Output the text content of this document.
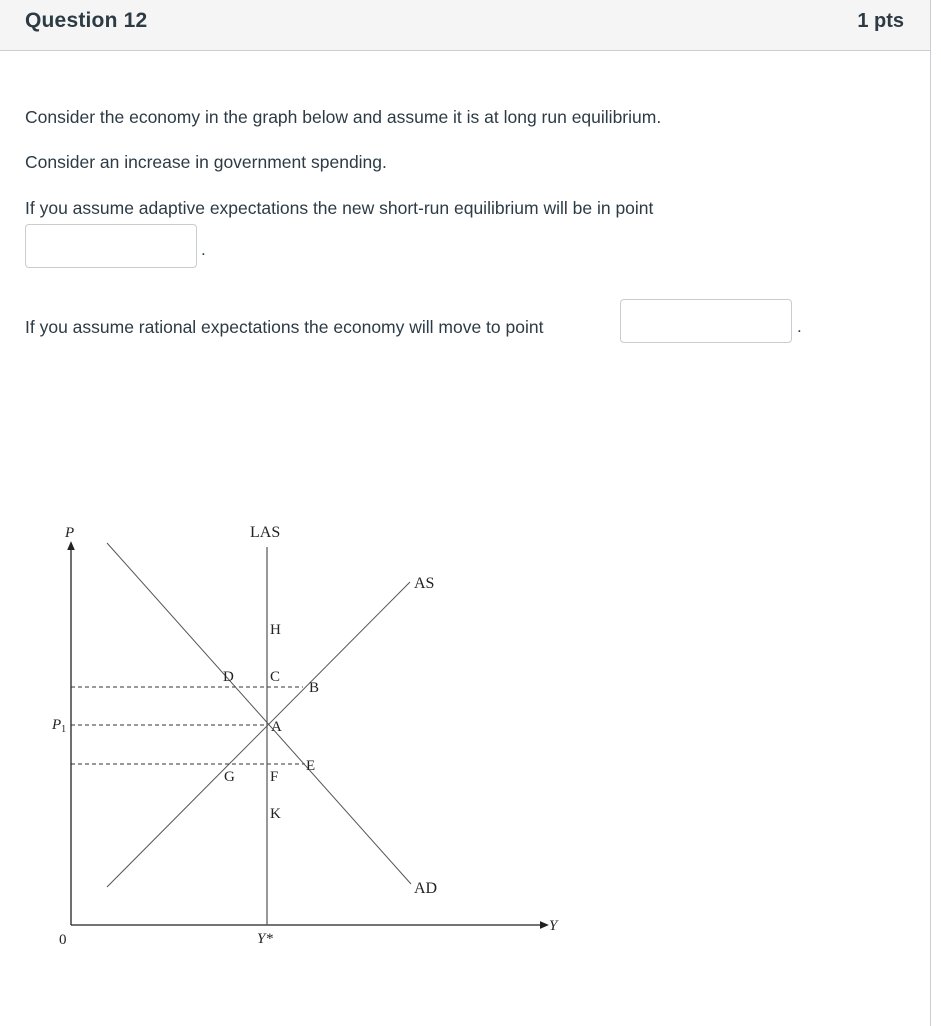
Question 12	1 pts
Consider the economy in the graph below and assume it is at long run equilibrium.
Consider an increase in government spending.
If you assume adaptive expectations the new short-run equilibrium will be in point
.
If you assume rational expectations the economy will move to point	.
P
Y
0
$P_1$
Y*
LAS
AS
AD
H
D C
B
A
E
G F
K
